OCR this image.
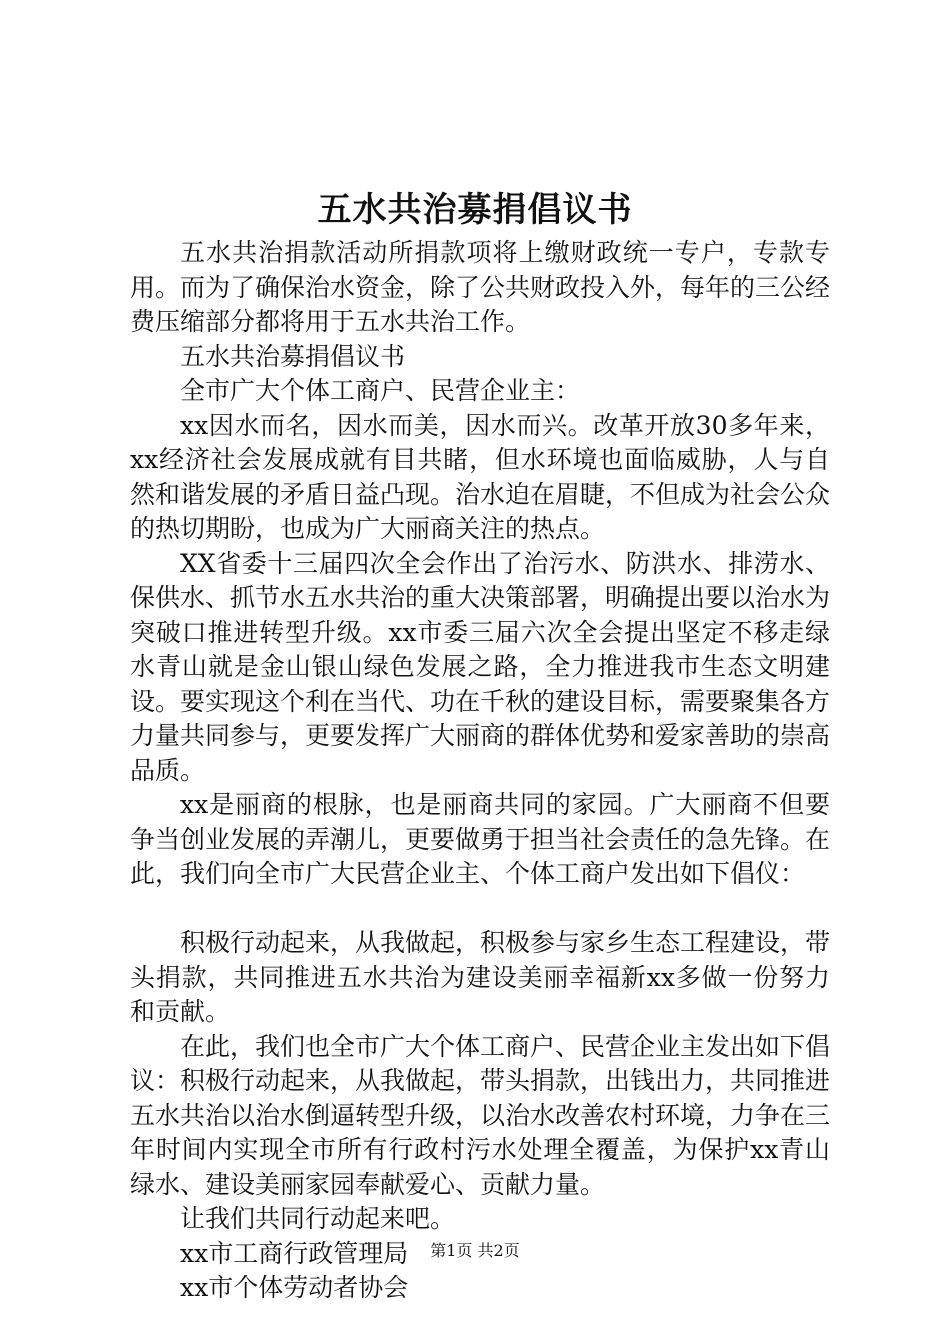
五水共治募捐倡议书

五水共治捐款活动所捐款项将上缴财政统一专户，专款专用。而为了确保治水资金，除了公共财政投入外，每年的三公经费压缩部分都将用于五水共治工作。

五水共治募捐倡议书

全市广大个体工商户、民营企业主：

xx因水而名，因水而美，因水而兴。改革开放30多年来，xx经济社会发展成就有目共睹，但水环境也面临威胁，人与自然和谐发展的矛盾日益凸现。治水迫在眉睫，不但成为社会公众的热切期盼，也成为广大丽商关注的热点。

XX省委十三届四次全会作出了治污水、防洪水、排涝水、保供水、抓节水五水共治的重大决策部署，明确提出要以治水为突破口推进转型升级。xx市委三届六次全会提出坚定不移走绿水青山就是金山银山绿色发展之路，全力推进我市生态文明建设。要实现这个利在当代、功在千秋的建设目标，需要聚集各方力量共同参与，更要发挥广大丽商的群体优势和爱家善助的崇高品质。

xx是丽商的根脉，也是丽商共同的家园。广大丽商不但要争当创业发展的弄潮儿，更要做勇于担当社会责任的急先锋。在此，我们向全市广大民营企业主、个体工商户发出如下倡仪：

积极行动起来，从我做起，积极参与家乡生态工程建设，带头捐款，共同推进五水共治为建设美丽幸福新xx多做一份努力和贡献。

在此，我们也全市广大个体工商户、民营企业主发出如下倡议：积极行动起来，从我做起，带头捐款，出钱出力，共同推进五水共治以治水倒逼转型升级，以治水改善农村环境，力争在三年时间内实现全市所有行政村污水处理全覆盖，为保护xx青山绿水、建设美丽家园奉献爱心、贡献力量。

让我们共同行动起来吧。

xx市工商行政管理局

xx市个体劳动者协会

第1页 共2页
